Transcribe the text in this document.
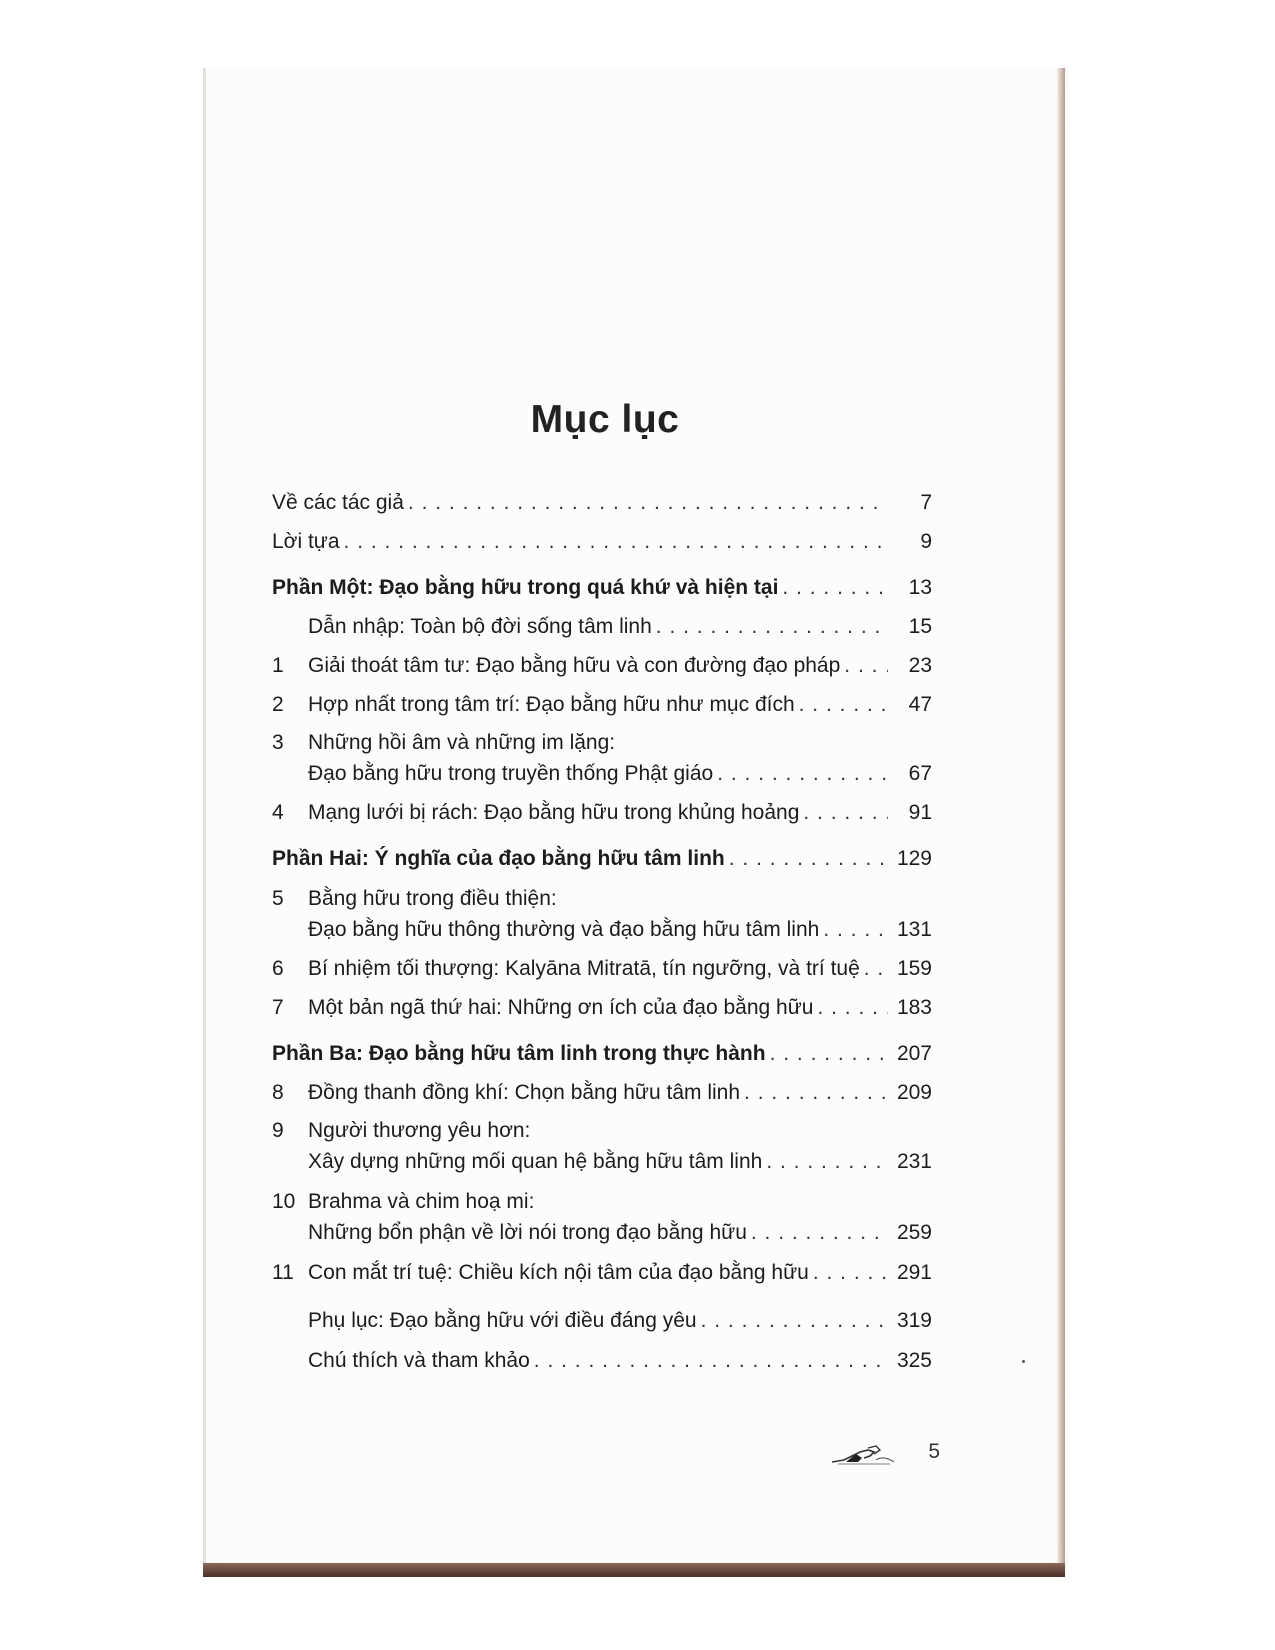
Mục lục
Về các tác giả . . .	7
Lời tựa . . .	9
Phần Một: Đạo bằng hữu trong quá khứ và hiện tại . . .	13
Dẫn nhập: Toàn bộ đời sống tâm linh . . .	15
1 Giải thoát tâm tư: Đạo bằng hữu và con đường đạo pháp . . .	23
2 Hợp nhất trong tâm trí: Đạo bằng hữu như mục đích . . .	47
3 Những hồi âm và những im lặng:
Đạo bằng hữu trong truyền thống Phật giáo . . .	67
4 Mạng lưới bị rách: Đạo bằng hữu trong khủng hoảng . . .	91
Phần Hai: Ý nghĩa của đạo bằng hữu tâm linh . . .	129
5 Bằng hữu trong điều thiện:
Đạo bằng hữu thông thường và đạo bằng hữu tâm linh . . .	131
6 Bí nhiệm tối thượng: Kalyāna Mitratā, tín ngưỡng, và trí tuệ . . . 159
7 Một bản ngã thứ hai: Những ơn ích của đạo bằng hữu . . .	183
Phần Ba: Đạo bằng hữu tâm linh trong thực hành . . .	207
8 Đồng thanh đồng khí: Chọn bằng hữu tâm linh . . .	209
9 Người thương yêu hơn:
Xây dựng những mối quan hệ bằng hữu tâm linh . . .	231
10 Brahma và chim hoạ mi:
Những bổn phận về lời nói trong đạo bằng hữu . . .	259
11 Con mắt trí tuệ: Chiều kích nội tâm của đạo bằng hữu . . .	291
Phụ lục: Đạo bằng hữu với điều đáng yêu . . .	319
Chú thích và tham khảo . . .	325
5
